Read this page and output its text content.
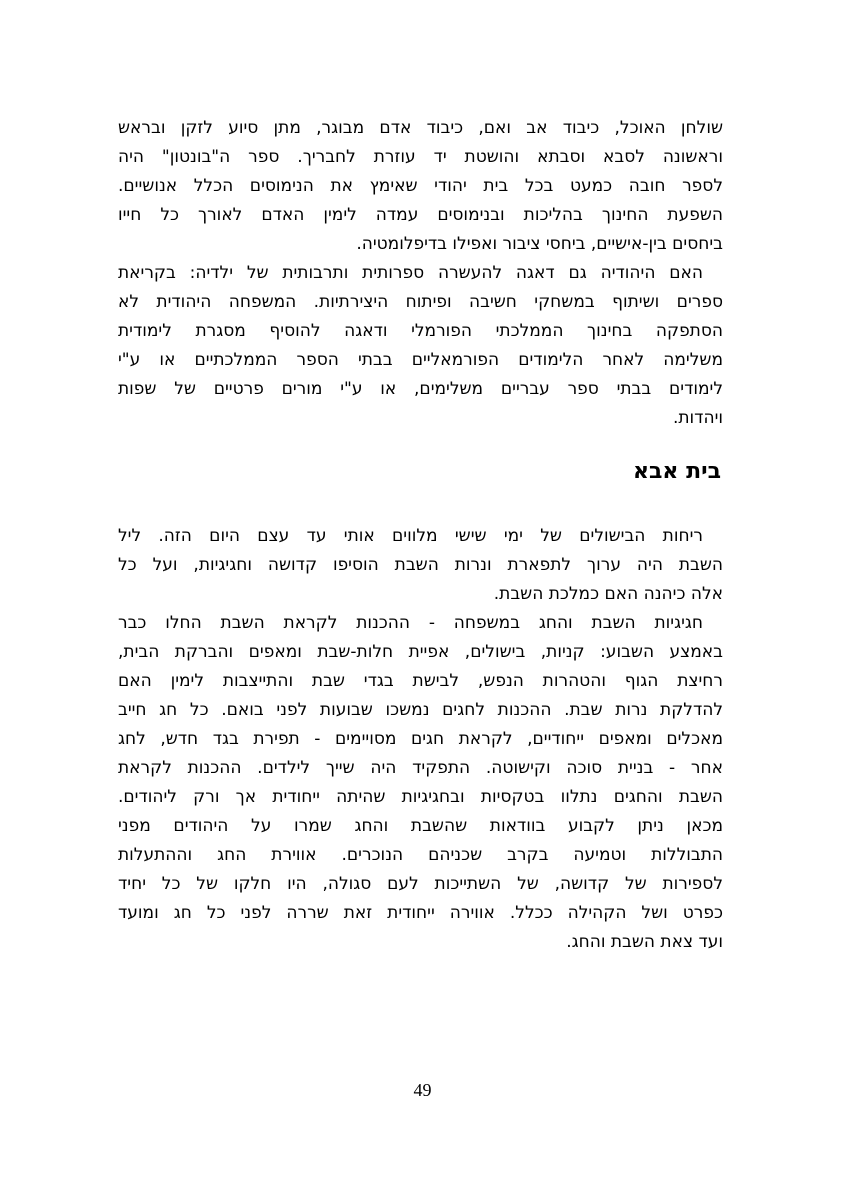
שולחן האוכל, כיבוד אב ואם, כיבוד אדם מבוגר, מתן סיוע לזקן ובראש
וראשונה לסבא וסבתא והושטת יד עוזרת לחבריך. ספר ה"בונטון" היה
לספר חובה כמעט בכל בית יהודי שאימץ את הנימוסים הכלל אנושיים.
השפעת החינוך בהליכות ובנימוסים עמדה לימין האדם לאורך כל חייו
ביחסים בין-אישיים, ביחסי ציבור ואפילו בדיפלומטיה.
האם היהודיה גם דאגה להעשרה ספרותית ותרבותית של ילדיה: בקריאת
ספרים ושיתוף במשחקי חשיבה ופיתוח היצירתיות. המשפחה היהודית לא
הסתפקה בחינוך הממלכתי הפורמלי ודאגה להוסיף מסגרת לימודית
משלימה לאחר הלימודים הפורמאליים בבתי הספר הממלכתיים או ע"י
לימודים בבתי ספר עבריים משלימים, או ע"י מורים פרטיים של שפות
ויהדות.
בית אבא
ריחות הבישולים של ימי שישי מלווים אותי עד עצם היום הזה. ליל
השבת היה ערוך לתפארת ונרות השבת הוסיפו קדושה וחגיגיות, ועל כל
אלה כיהנה האם כמלכת השבת.
חגיגיות השבת והחג במשפחה - ההכנות לקראת השבת החלו כבר
באמצע השבוע: קניות, בישולים, אפיית חלות-שבת ומאפים והברקת הבית,
רחיצת הגוף והטהרות הנפש, לבישת בגדי שבת והתייצבות לימין האם
להדלקת נרות שבת. ההכנות לחגים נמשכו שבועות לפני בואם. כל חג חייב
מאכלים ומאפים ייחודיים, לקראת חגים מסויימים - תפירת בגד חדש, לחג
אחר - בניית סוכה וקישוטה. התפקיד היה שייך לילדים. ההכנות לקראת
השבת והחגים נתלוו בטקסיות ובחגיגיות שהיתה ייחודית אך ורק ליהודים.
מכאן ניתן לקבוע בוודאות שהשבת והחג שמרו על היהודים מפני
התבוללות וטמיעה בקרב שכניהם הנוכרים. אווירת החג וההתעלות
לספירות של קדושה, של השתייכות לעם סגולה, היו חלקו של כל יחיד
כפרט ושל הקהילה ככלל. אווירה ייחודית זאת שררה לפני כל חג ומועד
ועד צאת השבת והחג.
49
